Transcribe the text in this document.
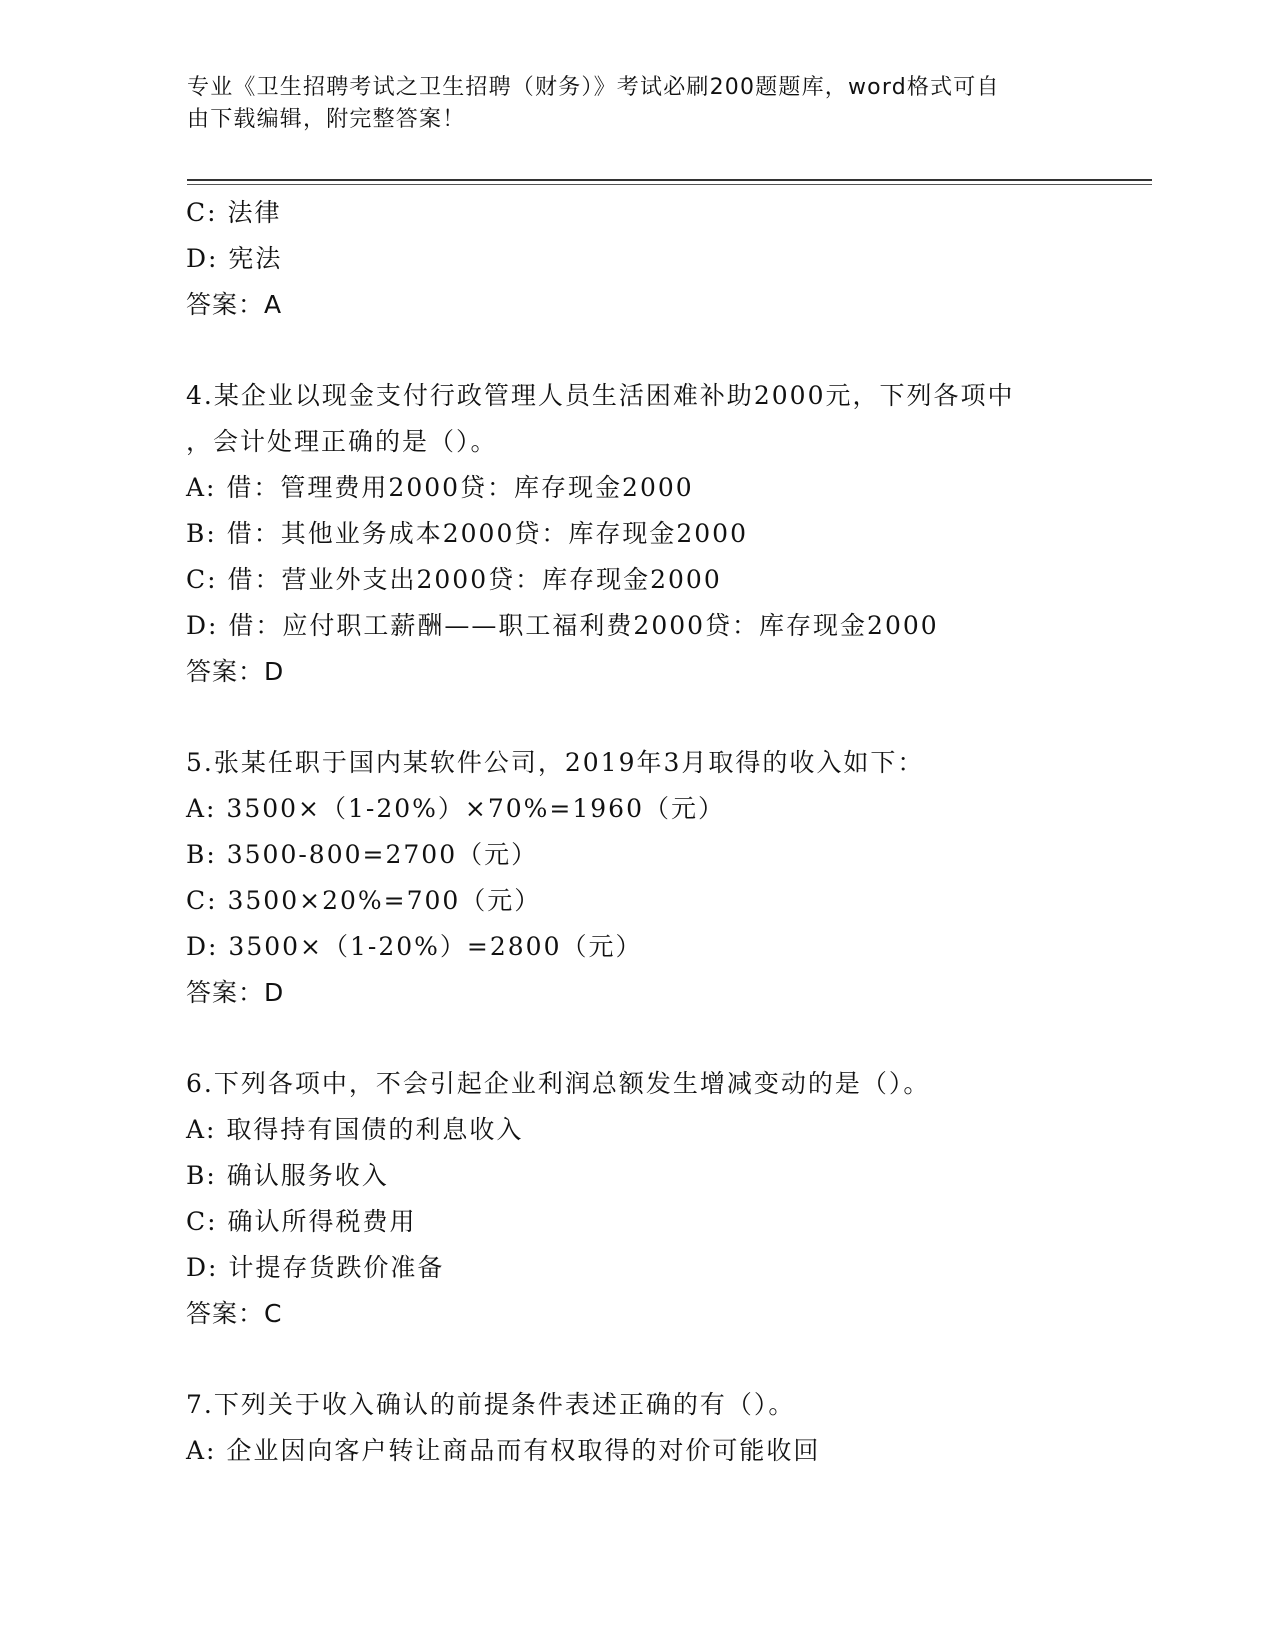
专业《卫生招聘考试之卫生招聘（财务）》考试必刷200题题库，word格式可自
由下载编辑，附完整答案！
C: 法律
D: 宪法
答案：A
4.某企业以现金支付行政管理人员生活困难补助2000元，下列各项中
，会计处理正确的是（）。
A: 借：管理费用2000贷：库存现金2000
B: 借：其他业务成本2000贷：库存现金2000
C: 借：营业外支出2000贷：库存现金2000
D: 借：应付职工薪酬——职工福利费2000贷：库存现金2000
答案：D
5.张某任职于国内某软件公司，2019年3月取得的收入如下：
A: 3500×（1-20%）×70%=1960（元）
B: 3500-800=2700（元）
C: 3500×20%=700（元）
D: 3500×（1-20%）=2800（元）
答案：D
6.下列各项中，不会引起企业利润总额发生增减变动的是（）。
A: 取得持有国债的利息收入
B: 确认服务收入
C: 确认所得税费用
D: 计提存货跌价准备
答案：C
7.下列关于收入确认的前提条件表述正确的有（）。
A: 企业因向客户转让商品而有权取得的对价可能收回
